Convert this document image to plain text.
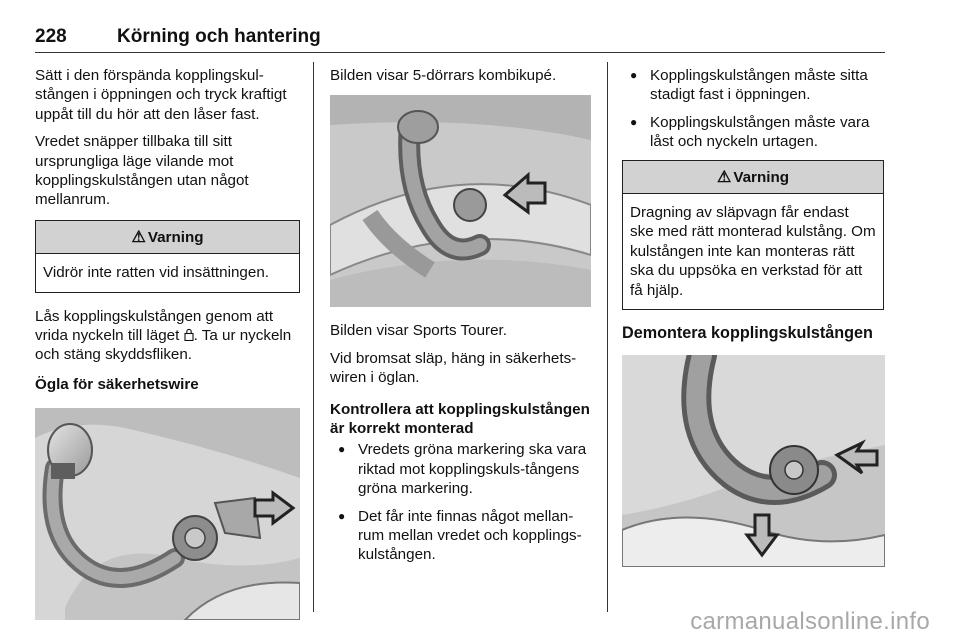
228	Körning och hantering

Sätt i den förspända kopplingskul-stången i öppningen och tryck kraftigt uppåt till du hör att den låser fast.

Vredet snäpper tillbaka till sitt ursprungliga läge vilande mot kopplingskulstången utan något mellanrum.

⚠ Varning
Vidrör inte ratten vid insättningen.

Lås kopplingskulstången genom att vrida nyckeln till läget . Ta ur nyckeln och stäng skyddsfliken.

Ögla för säkerhetswire

Bilden visar 5-dörrars kombikupé.

Bilden visar Sports Tourer.

Vid bromsat släp, häng in säkerhets-wiren i öglan.

Kontrollera att kopplingskulstången är korrekt monterad

● Vredets gröna markering ska vara riktad mot kopplingskuls-tångens gröna markering.
● Det får inte finnas något mellan-rum mellan vredet och kopplings-kulstången.
● Kopplingskulstången måste sitta stadigt fast i öppningen.
● Kopplingskulstången måste vara låst och nyckeln urtagen.
⚠ Varning
Dragning av släpvagn får endast ske med rätt monterad kulstång. Om kulstången inte kan monteras rätt ska du uppsöka en verkstad för att få hjälp.

Demontera kopplingskulstången

carmanualsonline.info
